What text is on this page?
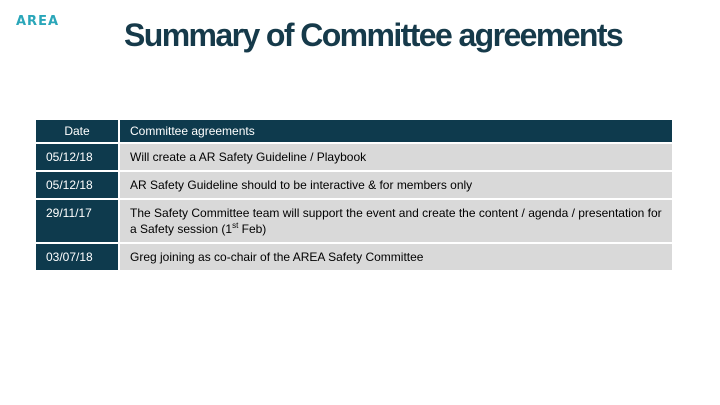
AREA Summary of Committee agreements
Date	Committee agreements
05/12/18	Will create a AR Safety Guideline / Playbook
05/12/18	AR Safety Guideline should to be interactive & for members only
29/11/17	The Safety Committee team will support the event and create the content / agenda / presentation for a Safety session (1st Feb)
03/07/18	Greg joining as co-chair of the AREA Safety Committee
